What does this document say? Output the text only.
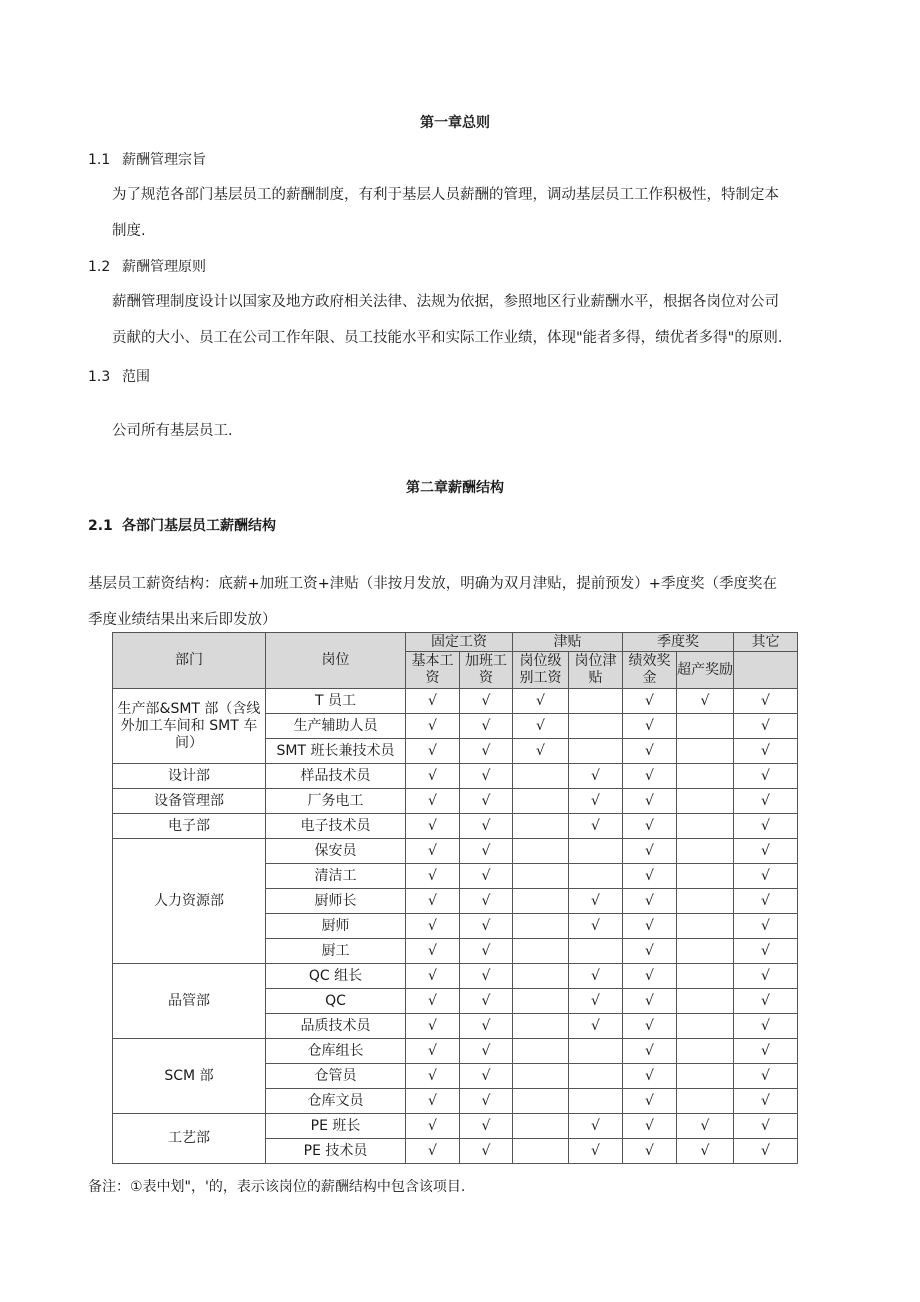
第一章总则
1.1 薪酬管理宗旨
为了规范各部门基层员工的薪酬制度，有利于基层人员薪酬的管理，调动基层员工工作积极性，特制定本
制度.
1.2 薪酬管理原则
薪酬管理制度设计以国家及地方政府相关法律、法规为依据，参照地区行业薪酬水平，根据各岗位对公司
贡献的大小、员工在公司工作年限、员工技能水平和实际工作业绩，体现"能者多得，绩优者多得"的原则.
1.3 范围
公司所有基层员工.
第二章薪酬结构
2.1 各部门基层员工薪酬结构
基层员工薪资结构：底薪+加班工资+津贴（非按月发放，明确为双月津贴，提前预发）+季度奖（季度奖在
季度业绩结果出来后即发放）
部门	岗位	固定工资		津贴		季度奖		其它
		基本工资	加班工资	岗位级别工资	岗位津贴	绩效奖金	超产奖励	
生产部&SMT 部（含线外加工车间和 SMT 车间）	T 员工	√	√	√		√	√	√
	生产辅助人员	√	√	√		√		√
	SMT 班长兼技术员	√	√	√		√		√
设计部	样品技术员	√	√		√	√		√
设备管理部	厂务电工	√	√		√	√		√
电子部	电子技术员	√	√		√	√		√
人力资源部	保安员	√	√			√		√
	清洁工	√	√			√		√
	厨师长	√	√		√	√		√
	厨师	√	√		√	√		√
	厨工	√	√			√		√
品管部	QC 组长	√	√		√	√		√
	QC	√	√		√	√		√
	品质技术员	√	√		√	√		√
SCM 部	仓库组长	√	√			√		√
	仓管员	√	√			√		√
	仓库文员	√	√			√		√
工艺部	PE 班长	√	√		√	√	√	√
	PE 技术员	√	√		√	√	√	√
备注：①表中划"，'的，表示该岗位的薪酬结构中包含该项目.
